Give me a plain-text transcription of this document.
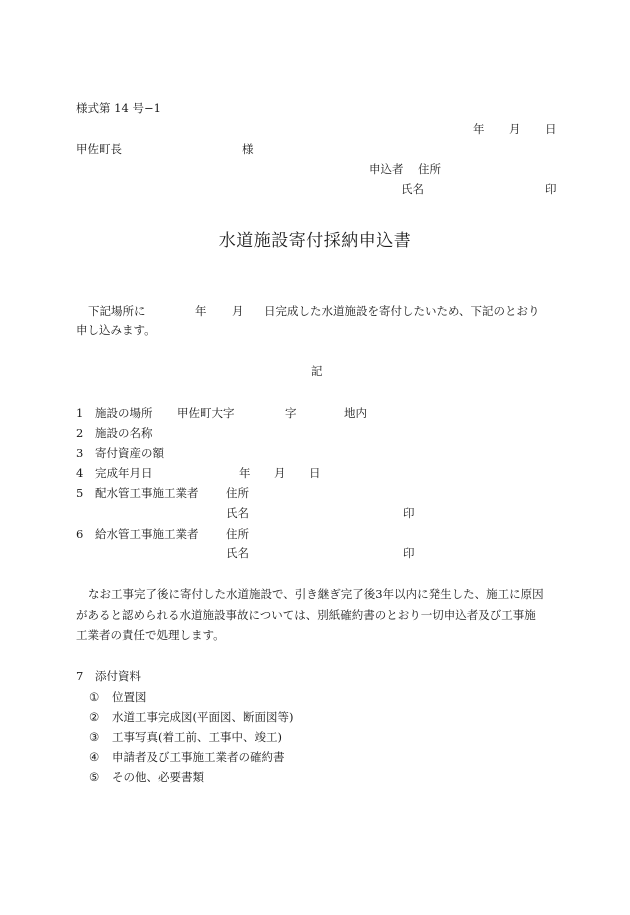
様式第 14 号−1
年 月 日
甲佐町長	様
申込者 住所
氏名	印
水道施設寄付採納申込書
下記場所に	年 月 日完成した水道施設を寄付したいため、下記のとおり
申し込みます。
記
1 施設の場所 甲佐町大字	字	地内
2 施設の名称
3 寄付資産の額
4 完成年月日	年 月 日
5 配水管工事施工業者 住所
氏名	印
6 給水管工事施工業者 住所
氏名	印
なお工事完了後に寄付した水道施設で、引き継ぎ完了後3年以内に発生した、施工に原因
があると認められる水道施設事故については、別紙確約書のとおり一切申込者及び工事施
工業者の責任で処理します。
7 添付資料
① 位置図
② 水道工事完成図(平面図、断面図等)
③ 工事写真(着工前、工事中、竣工)
④ 申請者及び工事施工業者の確約書
⑤ その他、必要書類
